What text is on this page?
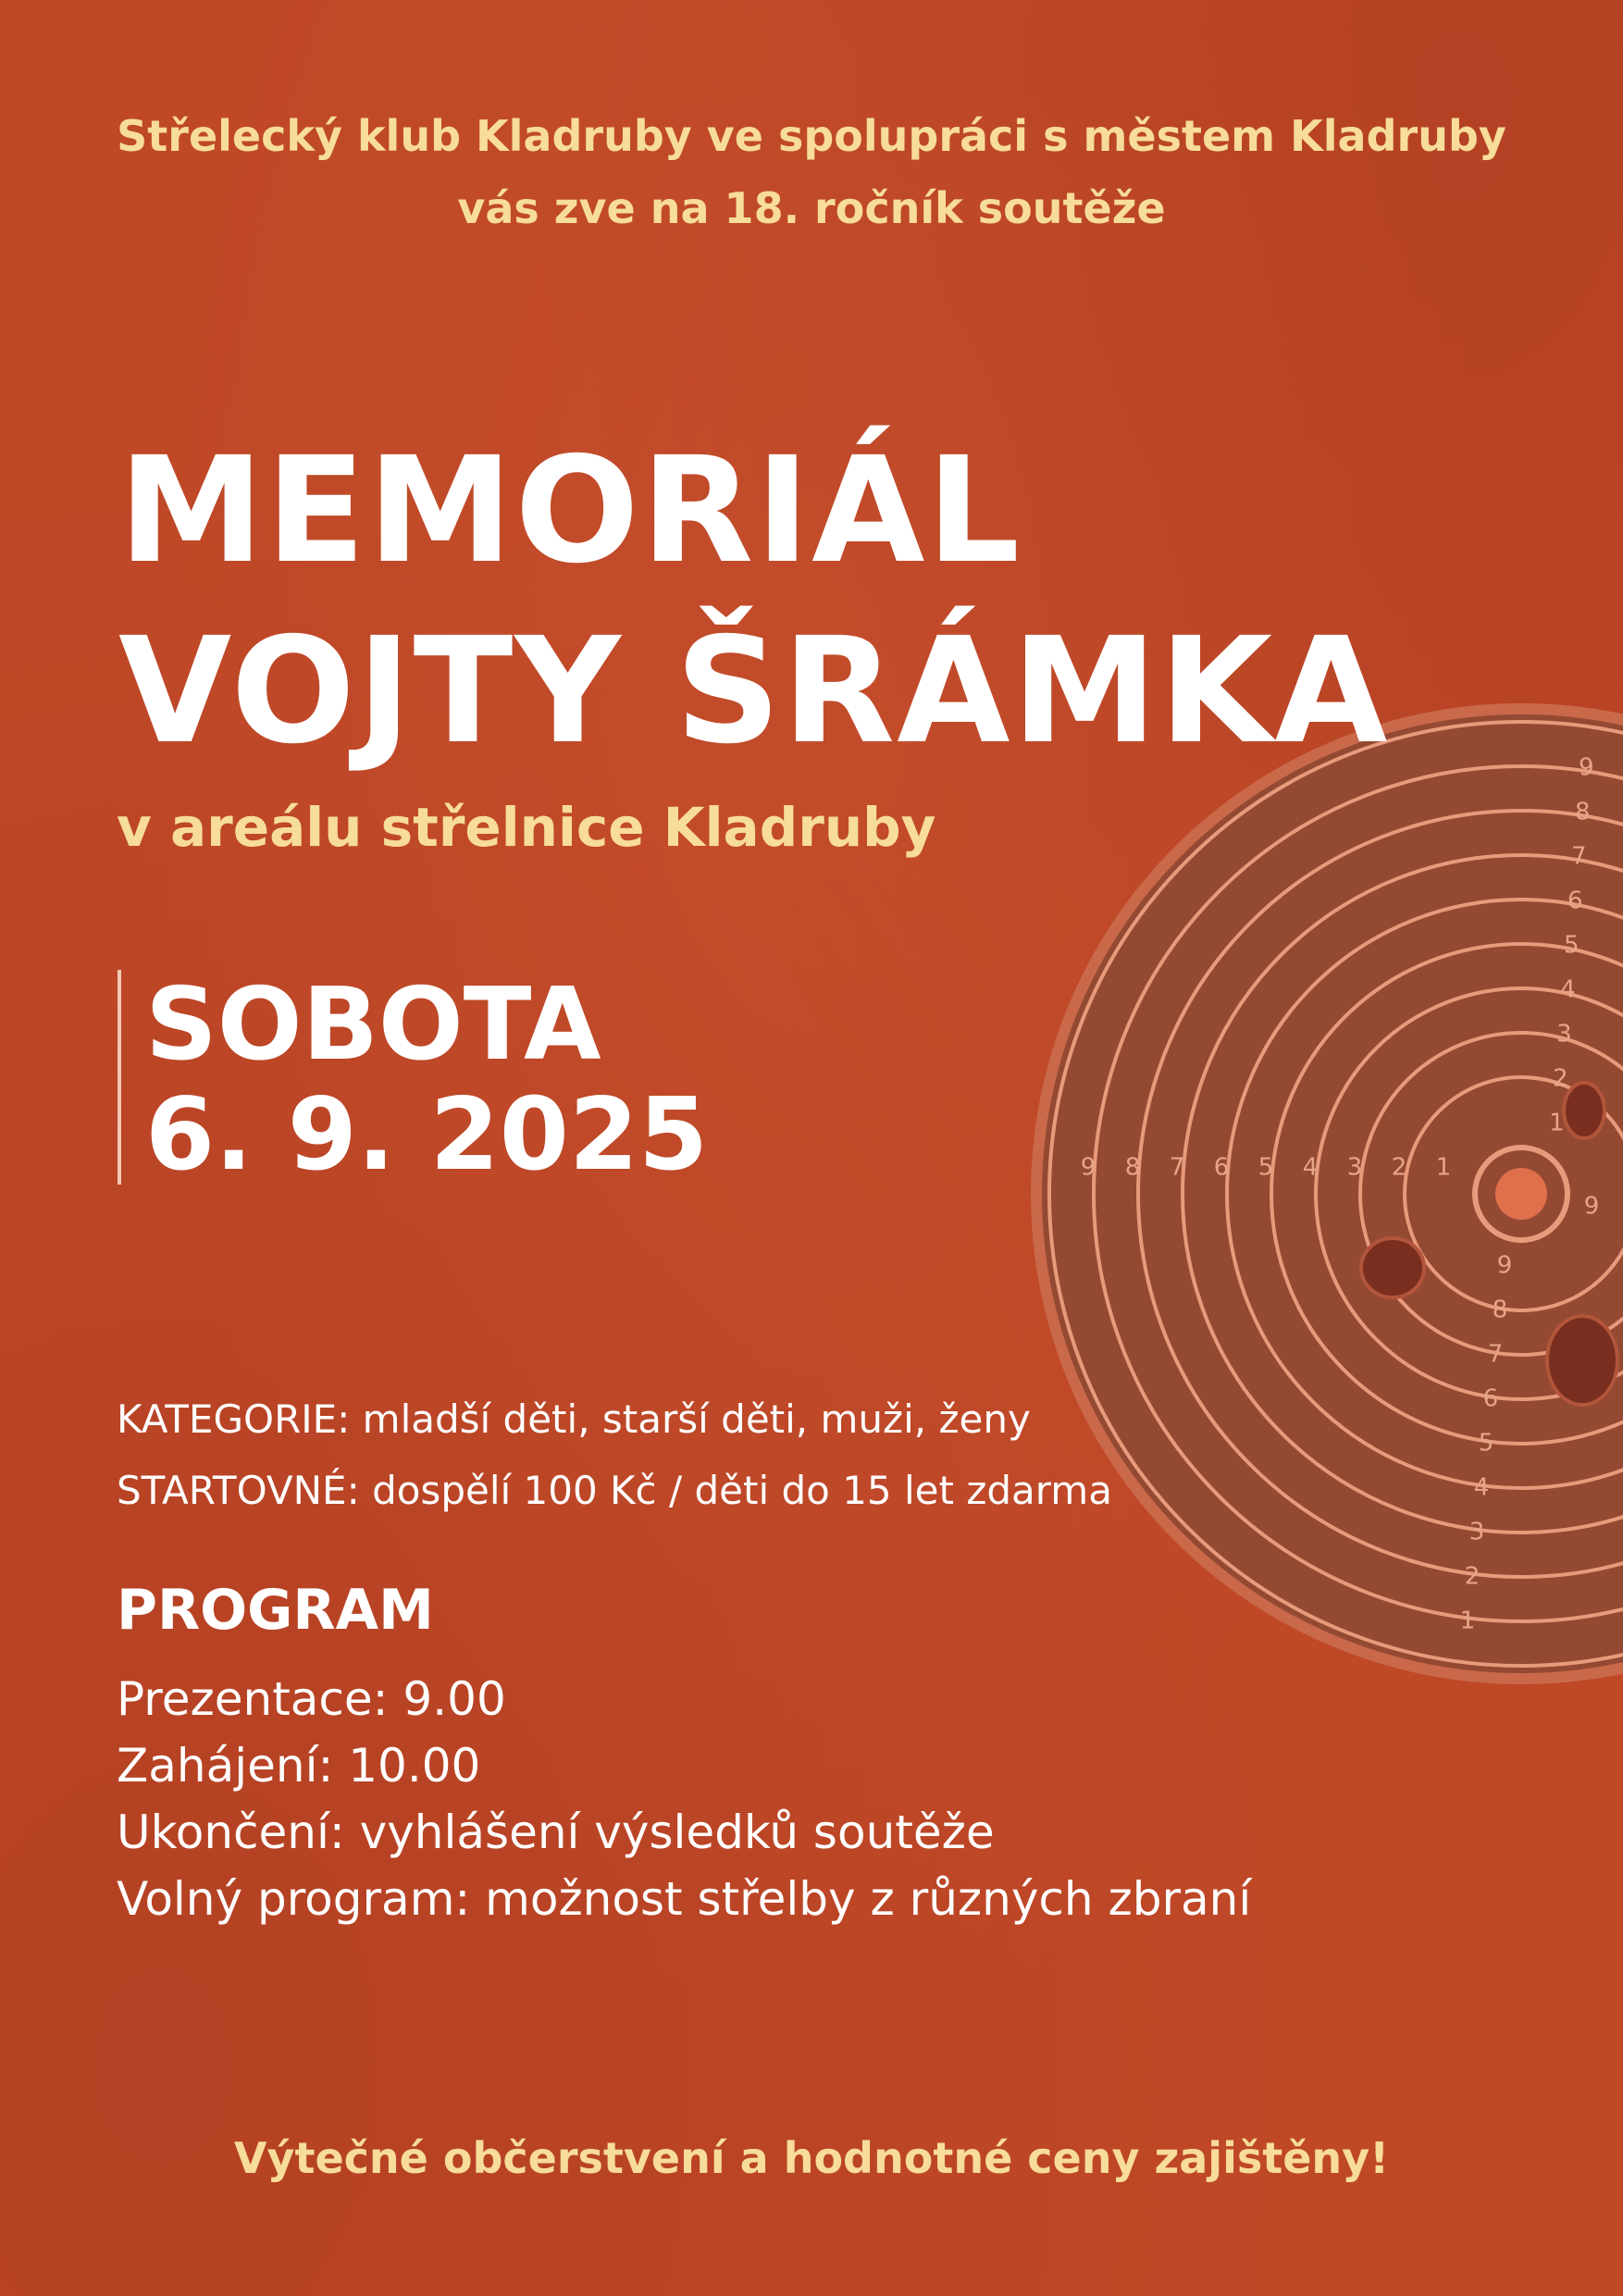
Střelecký klub Kladruby ve spolupráci s městem Kladruby
vás zve na 18. ročník soutěže
9
8
7
6
5
4
3
2
1
9 8 7 6 5 4 3 2 1
9
8
7
6
5
4
3
2
1
9
MEMORIÁL
VOJTY ŠRÁMKA
v areálu střelnice Kladruby
SOBOTA
6. 9. 2025
KATEGORIE: mladší děti, starší děti, muži, ženy
STARTOVNÉ: dospělí 100 Kč / děti do 15 let zdarma
PROGRAM
Prezentace: 9.00
Zahájení: 10.00
Ukončení: vyhlášení výsledků soutěže
Volný program: možnost střelby z různých zbraní
Výtečné občerstvení a hodnotné ceny zajištěny!
